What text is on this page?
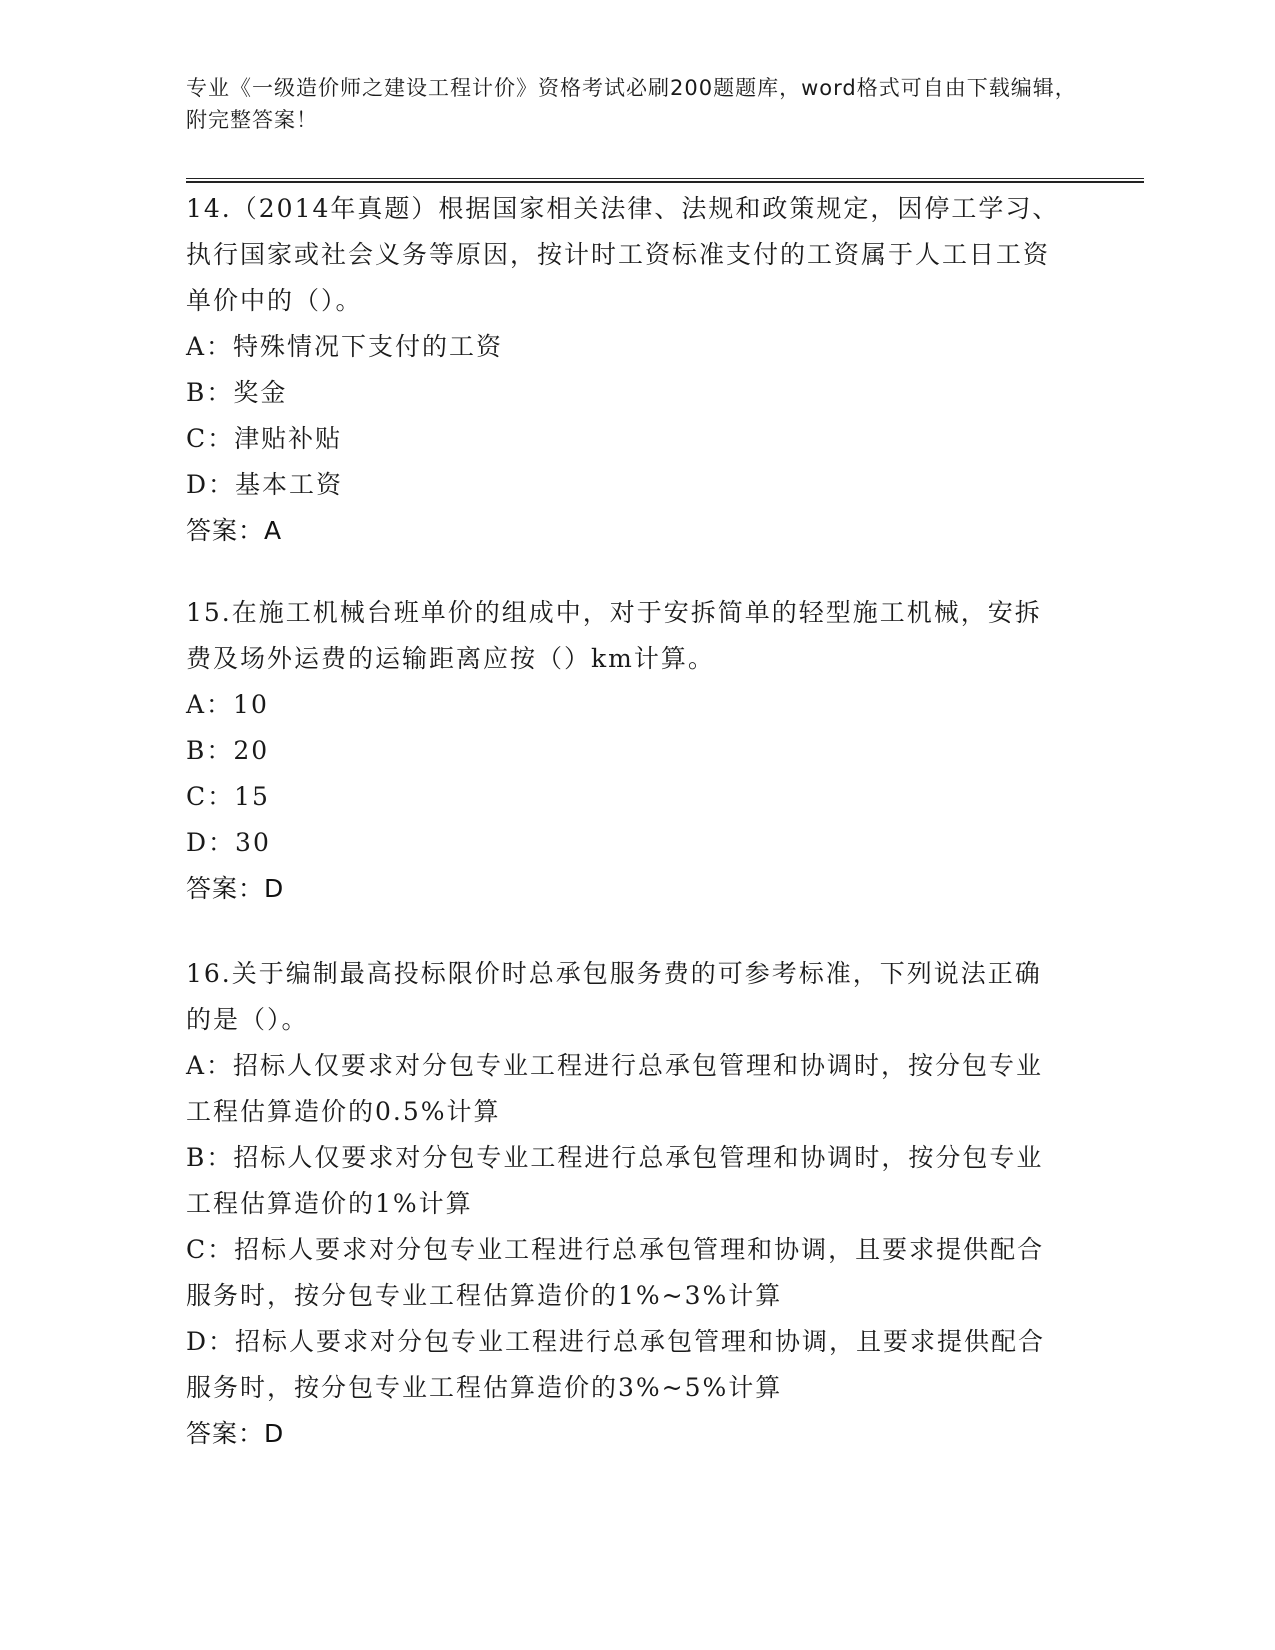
专业《一级造价师之建设工程计价》资格考试必刷200题题库，word格式可自由下载编辑，附完整答案！

14.（2014年真题）根据国家相关法律、法规和政策规定，因停工学习、执行国家或社会义务等原因，按计时工资标准支付的工资属于人工日工资单价中的（）。

A：特殊情况下支付的工资

B：奖金

C：津贴补贴

D：基本工资

答案：A

15.在施工机械台班单价的组成中，对于安拆简单的轻型施工机械，安拆费及场外运费的运输距离应按（）km计算。

A：10

B：20

C：15

D：30

答案：D

16.关于编制最高投标限价时总承包服务费的可参考标准，下列说法正确的是（）。

A：招标人仅要求对分包专业工程进行总承包管理和协调时，按分包专业工程估算造价的0.5%计算

B：招标人仅要求对分包专业工程进行总承包管理和协调时，按分包专业工程估算造价的1%计算

C：招标人要求对分包专业工程进行总承包管理和协调，且要求提供配合服务时，按分包专业工程估算造价的1%~3%计算

D：招标人要求对分包专业工程进行总承包管理和协调，且要求提供配合服务时，按分包专业工程估算造价的3%~5%计算

答案：D
